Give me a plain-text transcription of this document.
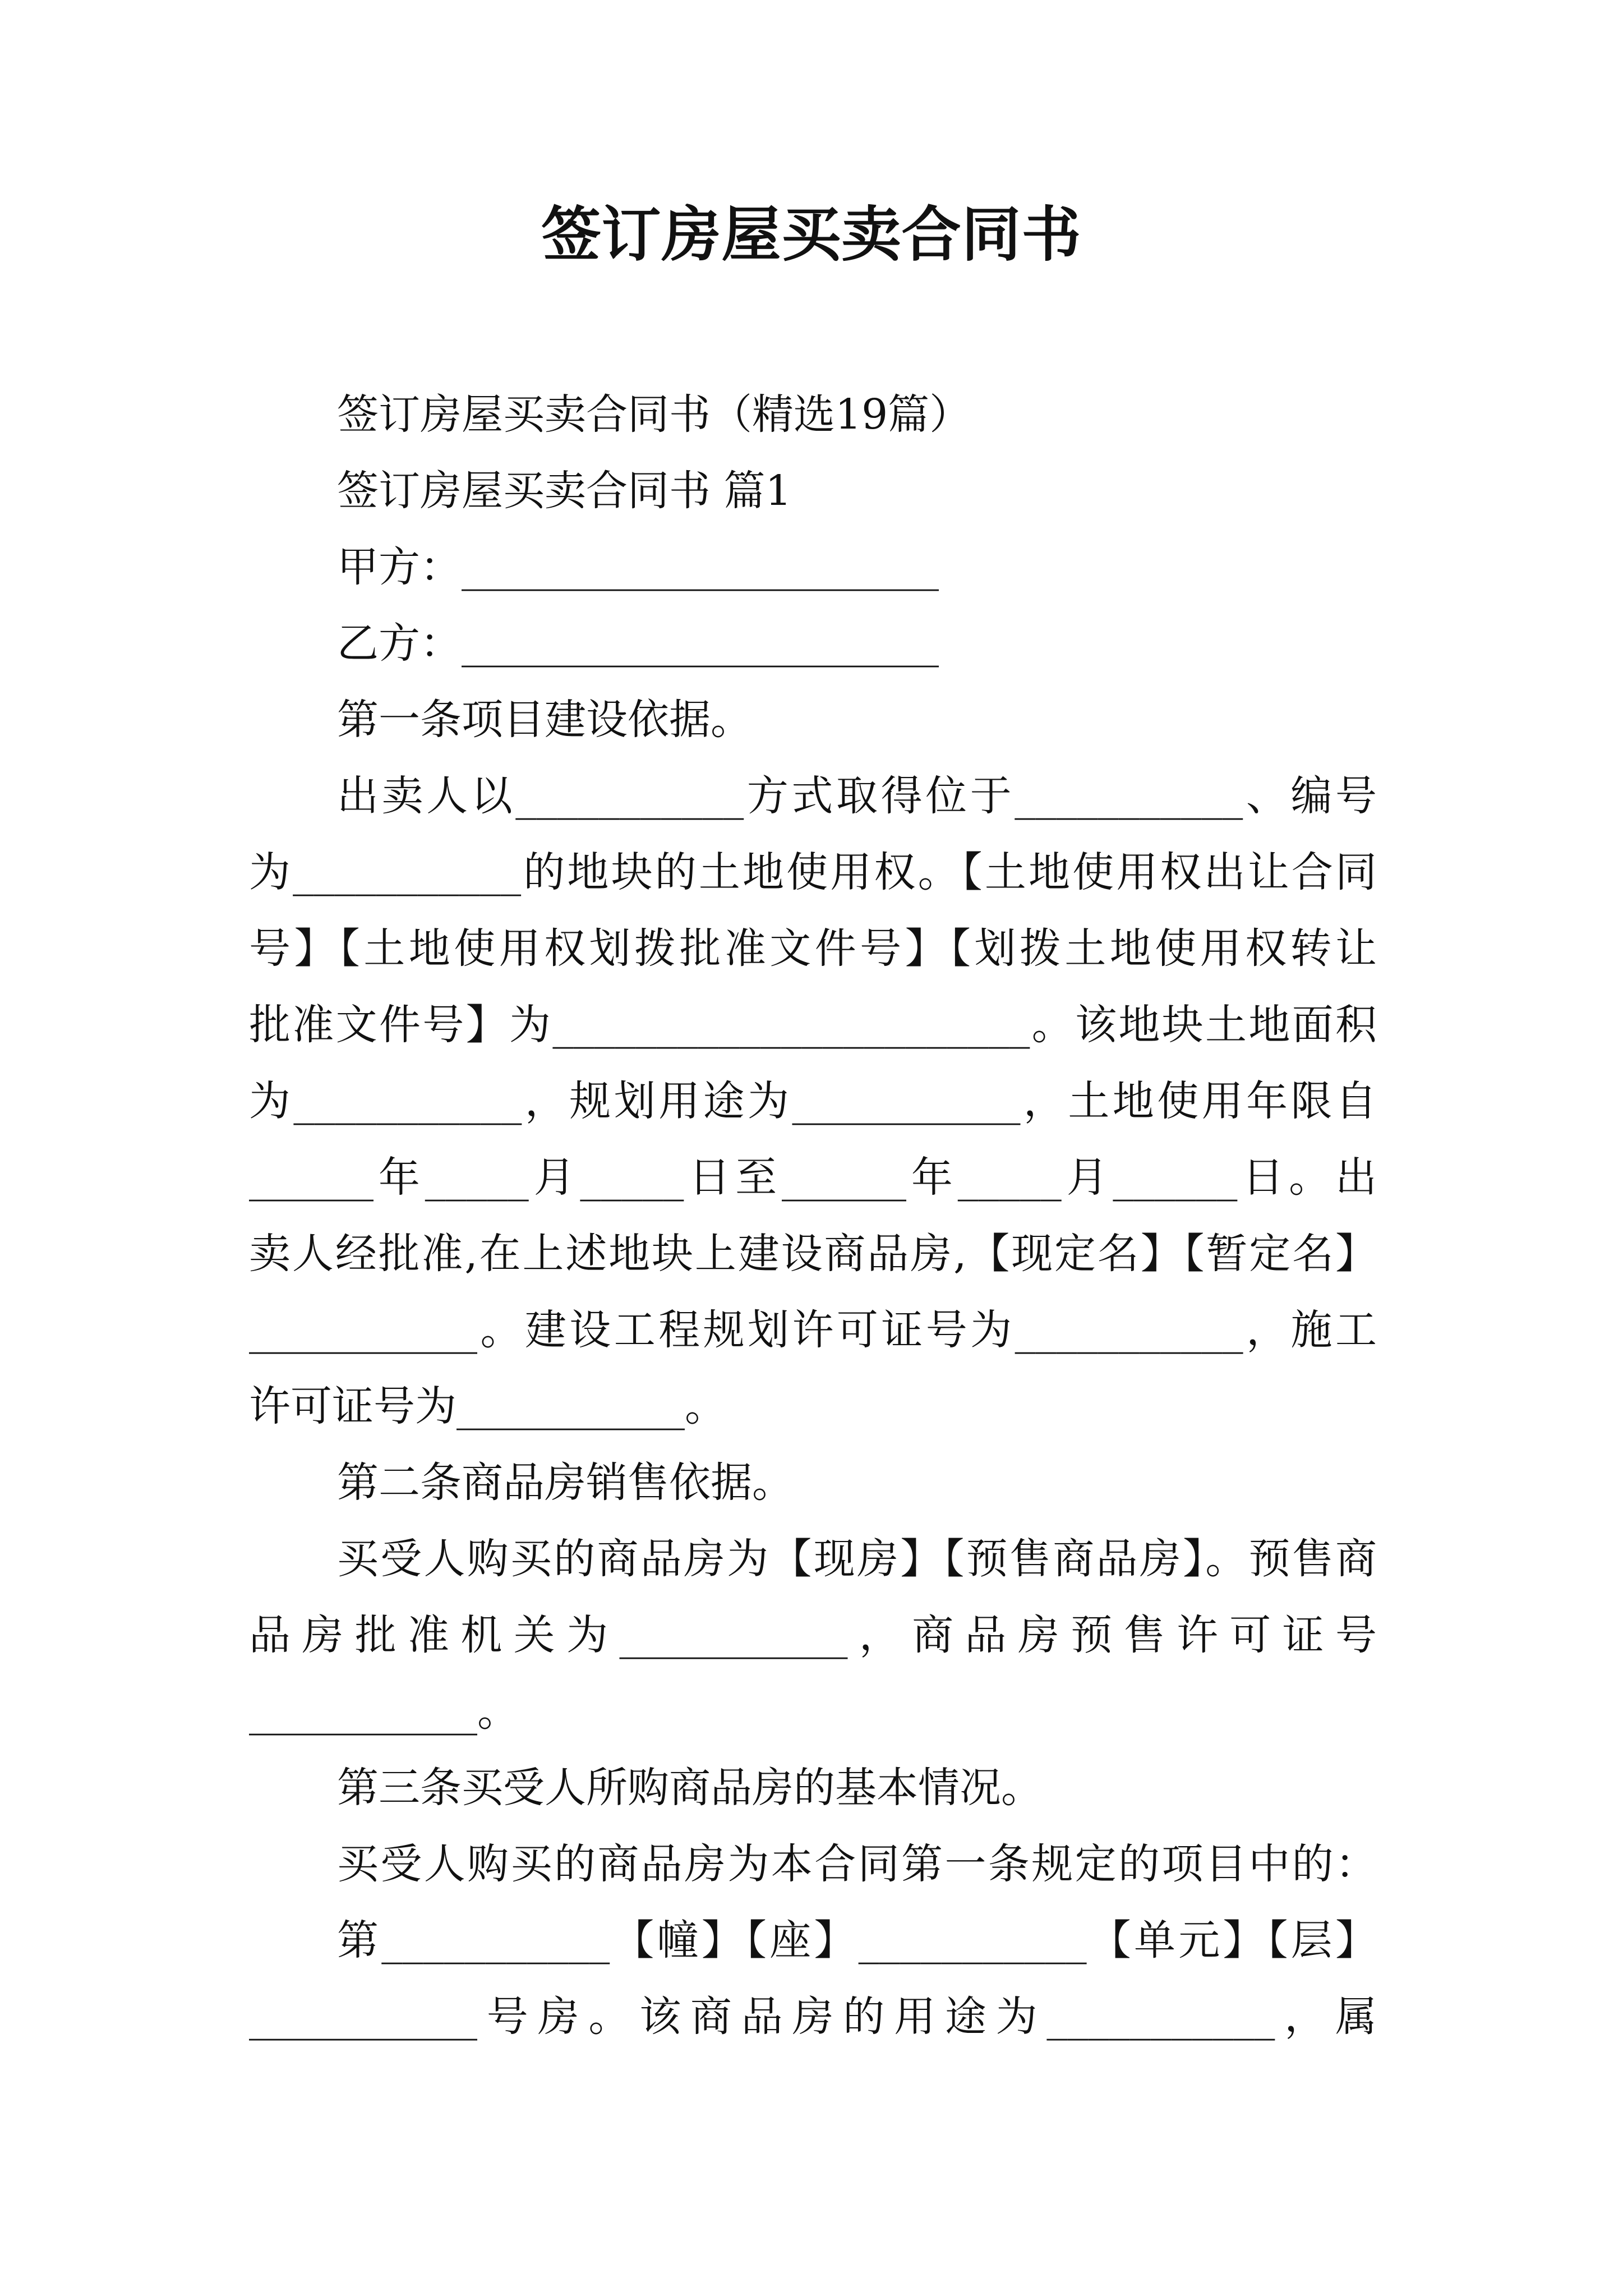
签订房屋买卖合同书
签订房屋买卖合同书（精选19篇）
签订房屋买卖合同书 篇1
甲方：_______________________
乙方：_______________________
第一条项目建设依据。
出卖人以___________方式取得位于___________、编号
为___________的地块的土地使用权。【土地使用权出让合同
号】【土地使用权划拨批准文件号】【划拨土地使用权转让
批准文件号】为_______________________。该地块土地面积
为___________，规划用途为___________，土地使用年限自
______年_____月_____日至______年_____月______日。出
卖人经批准,在上述地块上建设商品房,【现定名】【暂定名】
___________。建设工程规划许可证号为___________，施工
许可证号为___________。
第二条商品房销售依据。
买受人购买的商品房为【现房】【预售商品房】。预售商
品房批准机关为___________，商品房预售许可证号
___________。
第三条买受人所购商品房的基本情况。
买受人购买的商品房为本合同第一条规定的项目中的：
第___________【幢】【座】___________【单元】【层】
___________号房。该商品房的用途为___________，属
